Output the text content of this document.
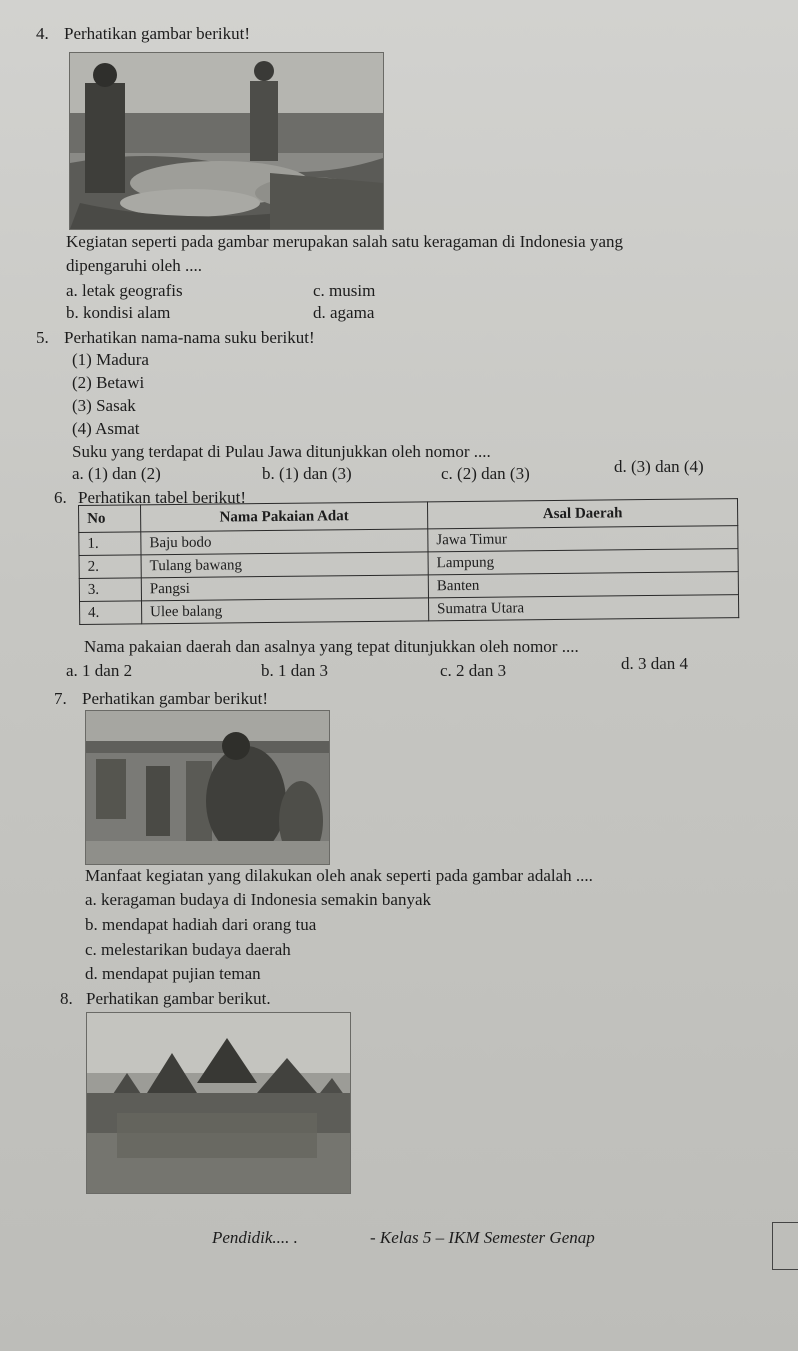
4. Perhatikan gambar berikut!
Kegiatan seperti pada gambar merupakan salah satu keragaman di Indonesia yang
dipengaruhi oleh ....
a. letak geografis	c. musim
b. kondisi alam	d. agama
5. Perhatikan nama-nama suku berikut!
(1) Madura
(2) Betawi
(3) Sasak
(4) Asmat
Suku yang terdapat di Pulau Jawa ditunjukkan oleh nomor ....
a. (1) dan (2)	b. (1) dan (3)	c. (2) dan (3)	d. (3) dan (4)
6. Perhatikan tabel berikut!
No	Nama Pakaian Adat	Asal Daerah
1.	Baju bodo	Jawa Timur
2.	Tulang bawang	Lampung
3.	Pangsi	Banten
4.	Ulee balang	Sumatra Utara
Nama pakaian daerah dan asalnya yang tepat ditunjukkan oleh nomor ....
a. 1 dan 2	b. 1 dan 3	c. 2 dan 3	d. 3 dan 4
7. Perhatikan gambar berikut!
Manfaat kegiatan yang dilakukan oleh anak seperti pada gambar adalah ....
a. keragaman budaya di Indonesia semakin banyak
b. mendapat hadiah dari orang tua
c. melestarikan budaya daerah
d. mendapat pujian teman
8. Perhatikan gambar berikut.
Pendidik.... .	- Kelas 5 – IKM Semester Genap
